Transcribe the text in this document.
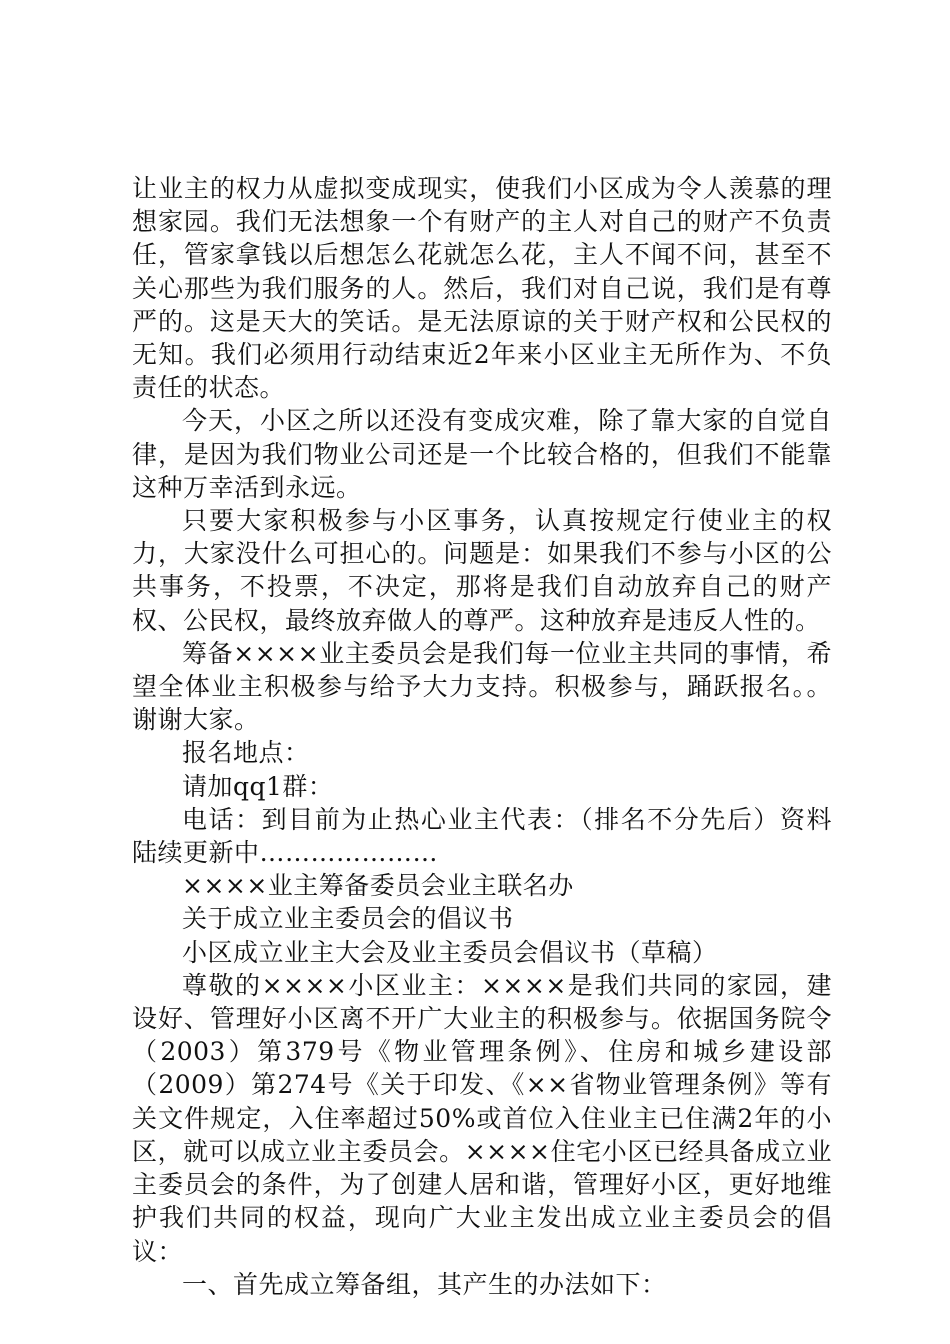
让业主的权力从虚拟变成现实，使我们小区成为令人羡慕的理想家园。我们无法想象一个有财产的主人对自己的财产不负责任，管家拿钱以后想怎么花就怎么花，主人不闻不问，甚至不关心那些为我们服务的人。然后，我们对自己说，我们是有尊严的。这是天大的笑话。是无法原谅的关于财产权和公民权的无知。我们必须用行动结束近2年来小区业主无所作为、不负责任的状态。

今天，小区之所以还没有变成灾难，除了靠大家的自觉自律，是因为我们物业公司还是一个比较合格的，但我们不能靠这种万幸活到永远。

只要大家积极参与小区事务，认真按规定行使业主的权力，大家没什么可担心的。问题是：如果我们不参与小区的公共事务，不投票，不决定，那将是我们自动放弃自己的财产权、公民权，最终放弃做人的尊严。这种放弃是违反人性的。

筹备××××业主委员会是我们每一位业主共同的事情，希望全体业主积极参与给予大力支持。积极参与，踊跃报名。。谢谢大家。

报名地点：

请加qq1群：

电话：到目前为止热心业主代表：（排名不分先后）资料陆续更新中…………………

××××业主筹备委员会业主联名办

关于成立业主委员会的倡议书

小区成立业主大会及业主委员会倡议书（草稿）

尊敬的××××小区业主：××××是我们共同的家园，建设好、管理好小区离不开广大业主的积极参与。依据国务院令（2003）第379号《物业管理条例》、住房和城乡建设部（2009）第274号《关于印发、《××省物业管理条例》等有关文件规定，入住率超过50%或首位入住业主已住满2年的小区，就可以成立业主委员会。××××住宅小区已经具备成立业主委员会的条件，为了创建人居和谐，管理好小区，更好地维护我们共同的权益，现向广大业主发出成立业主委员会的倡议：

一、首先成立筹备组，其产生的办法如下：
